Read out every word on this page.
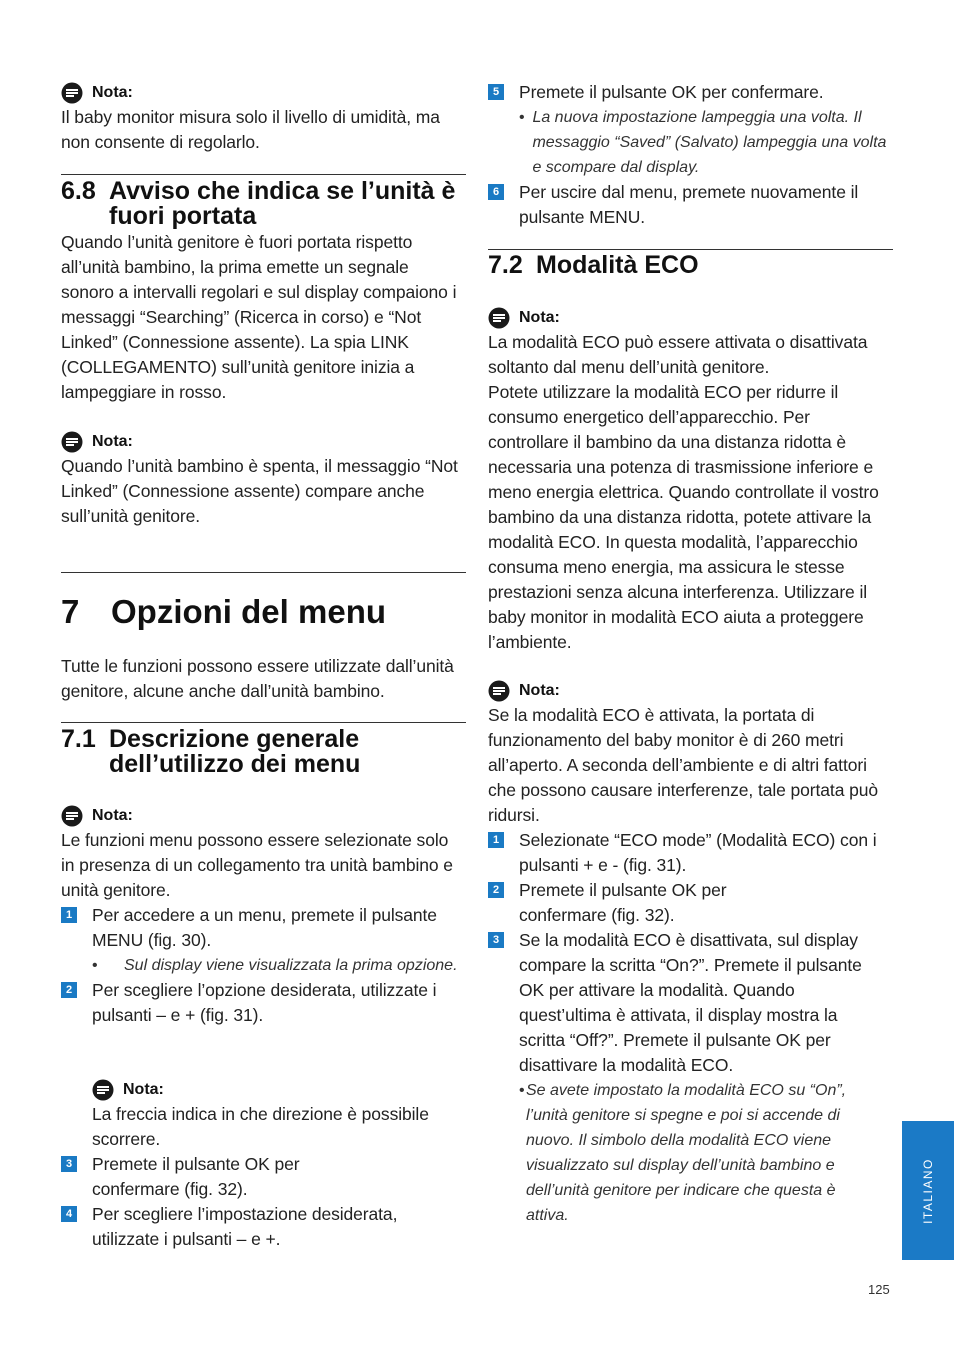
Nota:

Il baby monitor misura solo il livello di umidità, ma non consente di regolarlo.

6.8 Avviso che indica se l’unità è fuori portata

Quando l’unità genitore è fuori portata rispetto all’unità bambino, la prima emette un segnale sonoro a intervalli regolari e sul display compaiono i messaggi “Searching” (Ricerca in corso) e “Not Linked” (Connessione assente). La spia LINK (COLLEGAMENTO) sull’unità genitore inizia a lampeggiare in rosso.

Nota:

Quando l’unità bambino è spenta, il messaggio “Not Linked” (Connessione assente) compare anche sull’unità genitore.

7 Opzioni del menu

Tutte le funzioni possono essere utilizzate dall’unità genitore, alcune anche dall’unità bambino.

7.1 Descrizione generale dell’utilizzo dei menu
Nota:

Le funzioni menu possono essere selezionate solo in presenza di un collegamento tra unità bambino e unità genitore.

1 Per accedere a un menu, premete il pulsante MENU (fig. 30).
•	Sul display viene visualizzata la prima opzione.
2 Per scegliere l’opzione desiderata, utilizzate i pulsanti – e + (fig. 31).
Nota:

La freccia indica in che direzione è possibile scorrere.

3 Premete il pulsante OK per confermare (fig. 32).
4 Per scegliere l’impostazione desiderata, utilizzate i pulsanti – e +.
5 Premete il pulsante OK per confermare.
• La nuova impostazione lampeggia una volta. Il messaggio “Saved” (Salvato) lampeggia una volta e scompare dal display.
6 Per uscire dal menu, premete nuovamente il pulsante MENU.
7.2 Modalità ECO
Nota:

La modalità ECO può essere attivata o disattivata soltanto dal menu dell’unità genitore.

Potete utilizzare la modalità ECO per ridurre il consumo energetico dell’apparecchio. Per controllare il bambino da una distanza ridotta è necessaria una potenza di trasmissione inferiore e meno energia elettrica. Quando controllate il vostro bambino da una distanza ridotta, potete attivare la modalità ECO. In questa modalità, l’apparecchio consuma meno energia, ma assicura le stesse prestazioni senza alcuna interferenza. Utilizzare il baby monitor in modalità ECO aiuta a proteggere l’ambiente.

Nota:

Se la modalità ECO è attivata, la portata di funzionamento del baby monitor è di 260 metri all’aperto. A seconda dell’ambiente e di altri fattori che possono causare interferenze, tale portata può ridursi.

1 Selezionate “ECO mode” (Modalità ECO) con i pulsanti + e - (fig. 31).
2 Premete il pulsante OK per confermare (fig. 32).
3 Se la modalità ECO è disattivata, sul display compare la scritta “On?”. Premete il pulsante OK per attivare la modalità. Quando quest’ultima è attivata, il display mostra la scritta “Off?”. Premete il pulsante OK per disattivare la modalità ECO.
• Se avete impostato la modalità ECO su “On”, l’unità genitore si spegne e poi si accende di nuovo. Il simbolo della modalità ECO viene visualizzato sul display dell’unità bambino e dell’unità genitore per indicare che questa è attiva.	ITALIANO
125
